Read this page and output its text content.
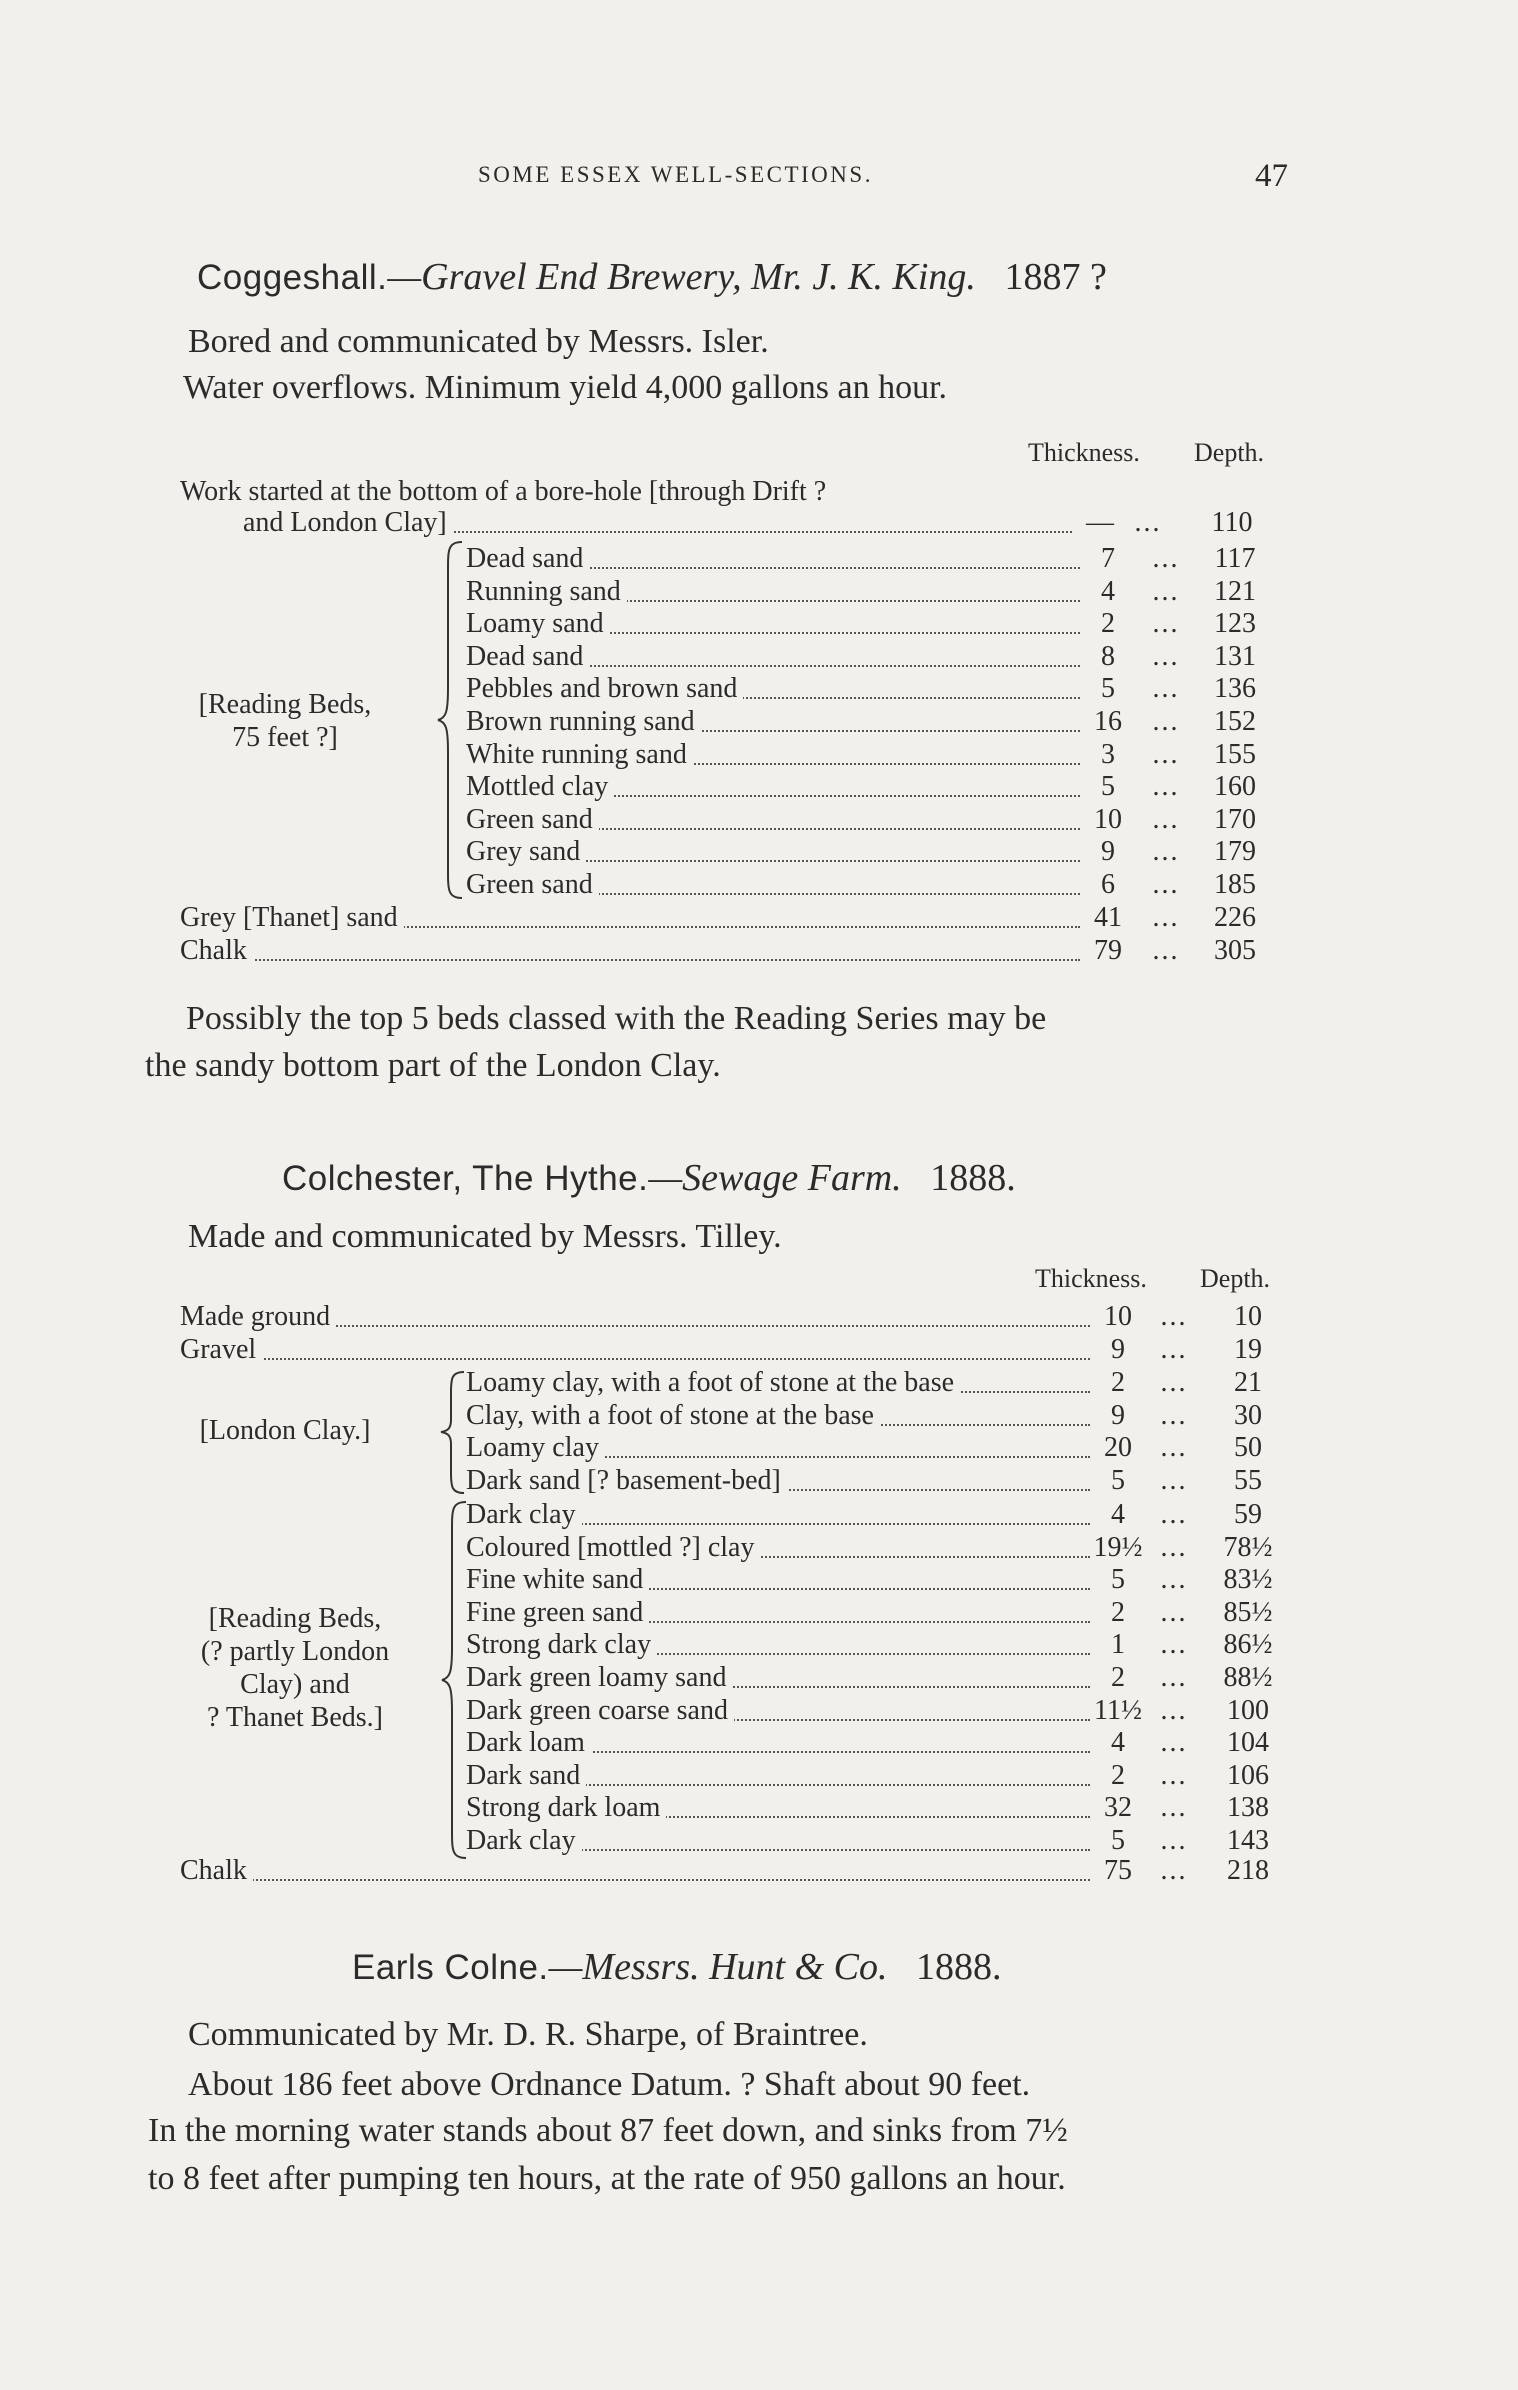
SOME ESSEX WELL-SECTIONS.	47
Coggeshall.—Gravel End Brewery, Mr. J. K. King. 1887 ?
Bored and communicated by Messrs. Isler.
Water overflows. Minimum yield 4,000 gallons an hour.
Thickness. Depth.
Work started at the bottom of a bore-hole [through Drift ?
and London Clay]	— ...	110
Dead sand	7	...	117
Running sand	4	...	121
Loamy sand	2	...	123
Dead sand	8	...	131
Pebbles and brown sand	5	...	136
Brown running sand	16	...	152
White running sand	3	...	155
Mottled clay	5	...	160
Green sand	10	...	170
Grey sand	9	...	179
Green sand	6	...	185
[Reading Beds,
75 feet ?]
Grey [Thanet] sand	41	...	226
Chalk	79	...	305
Possibly the top 5 beds classed with the Reading Series may be
the sandy bottom part of the London Clay.
Colchester, The Hythe.—Sewage Farm. 1888.
Made and communicated by Messrs. Tilley.
Thickness. Depth.
Made ground	10	...	10
Gravel	9	...	19
Loamy clay, with a foot of stone at the base	2	...	21
Clay, with a foot of stone at the base	9	...	30
Loamy clay	20	...	50
Dark sand [? basement-bed]	5	...	55
[London Clay.]
Dark clay	4	...	59
Coloured [mottled ?] clay	19½ ...	78½
Fine white sand	5	...	83½
Fine green sand	2	...	85½
Strong dark clay	1	...	86½
Dark green loamy sand	2	...	88½
Dark green coarse sand	11½ ...	100
Dark loam	4	...	104
Dark sand	2	...	106
Strong dark loam	32	...	138
Dark clay	5	...	143
[Reading Beds,
(? partly London
Clay) and
? Thanet Beds.]
Chalk	75	...	218
Earls Colne.—Messrs. Hunt & Co. 1888.
Communicated by Mr. D. R. Sharpe, of Braintree.
About 186 feet above Ordnance Datum. ? Shaft about 90 feet.
In the morning water stands about 87 feet down, and sinks from 7½
to 8 feet after pumping ten hours, at the rate of 950 gallons an hour.
